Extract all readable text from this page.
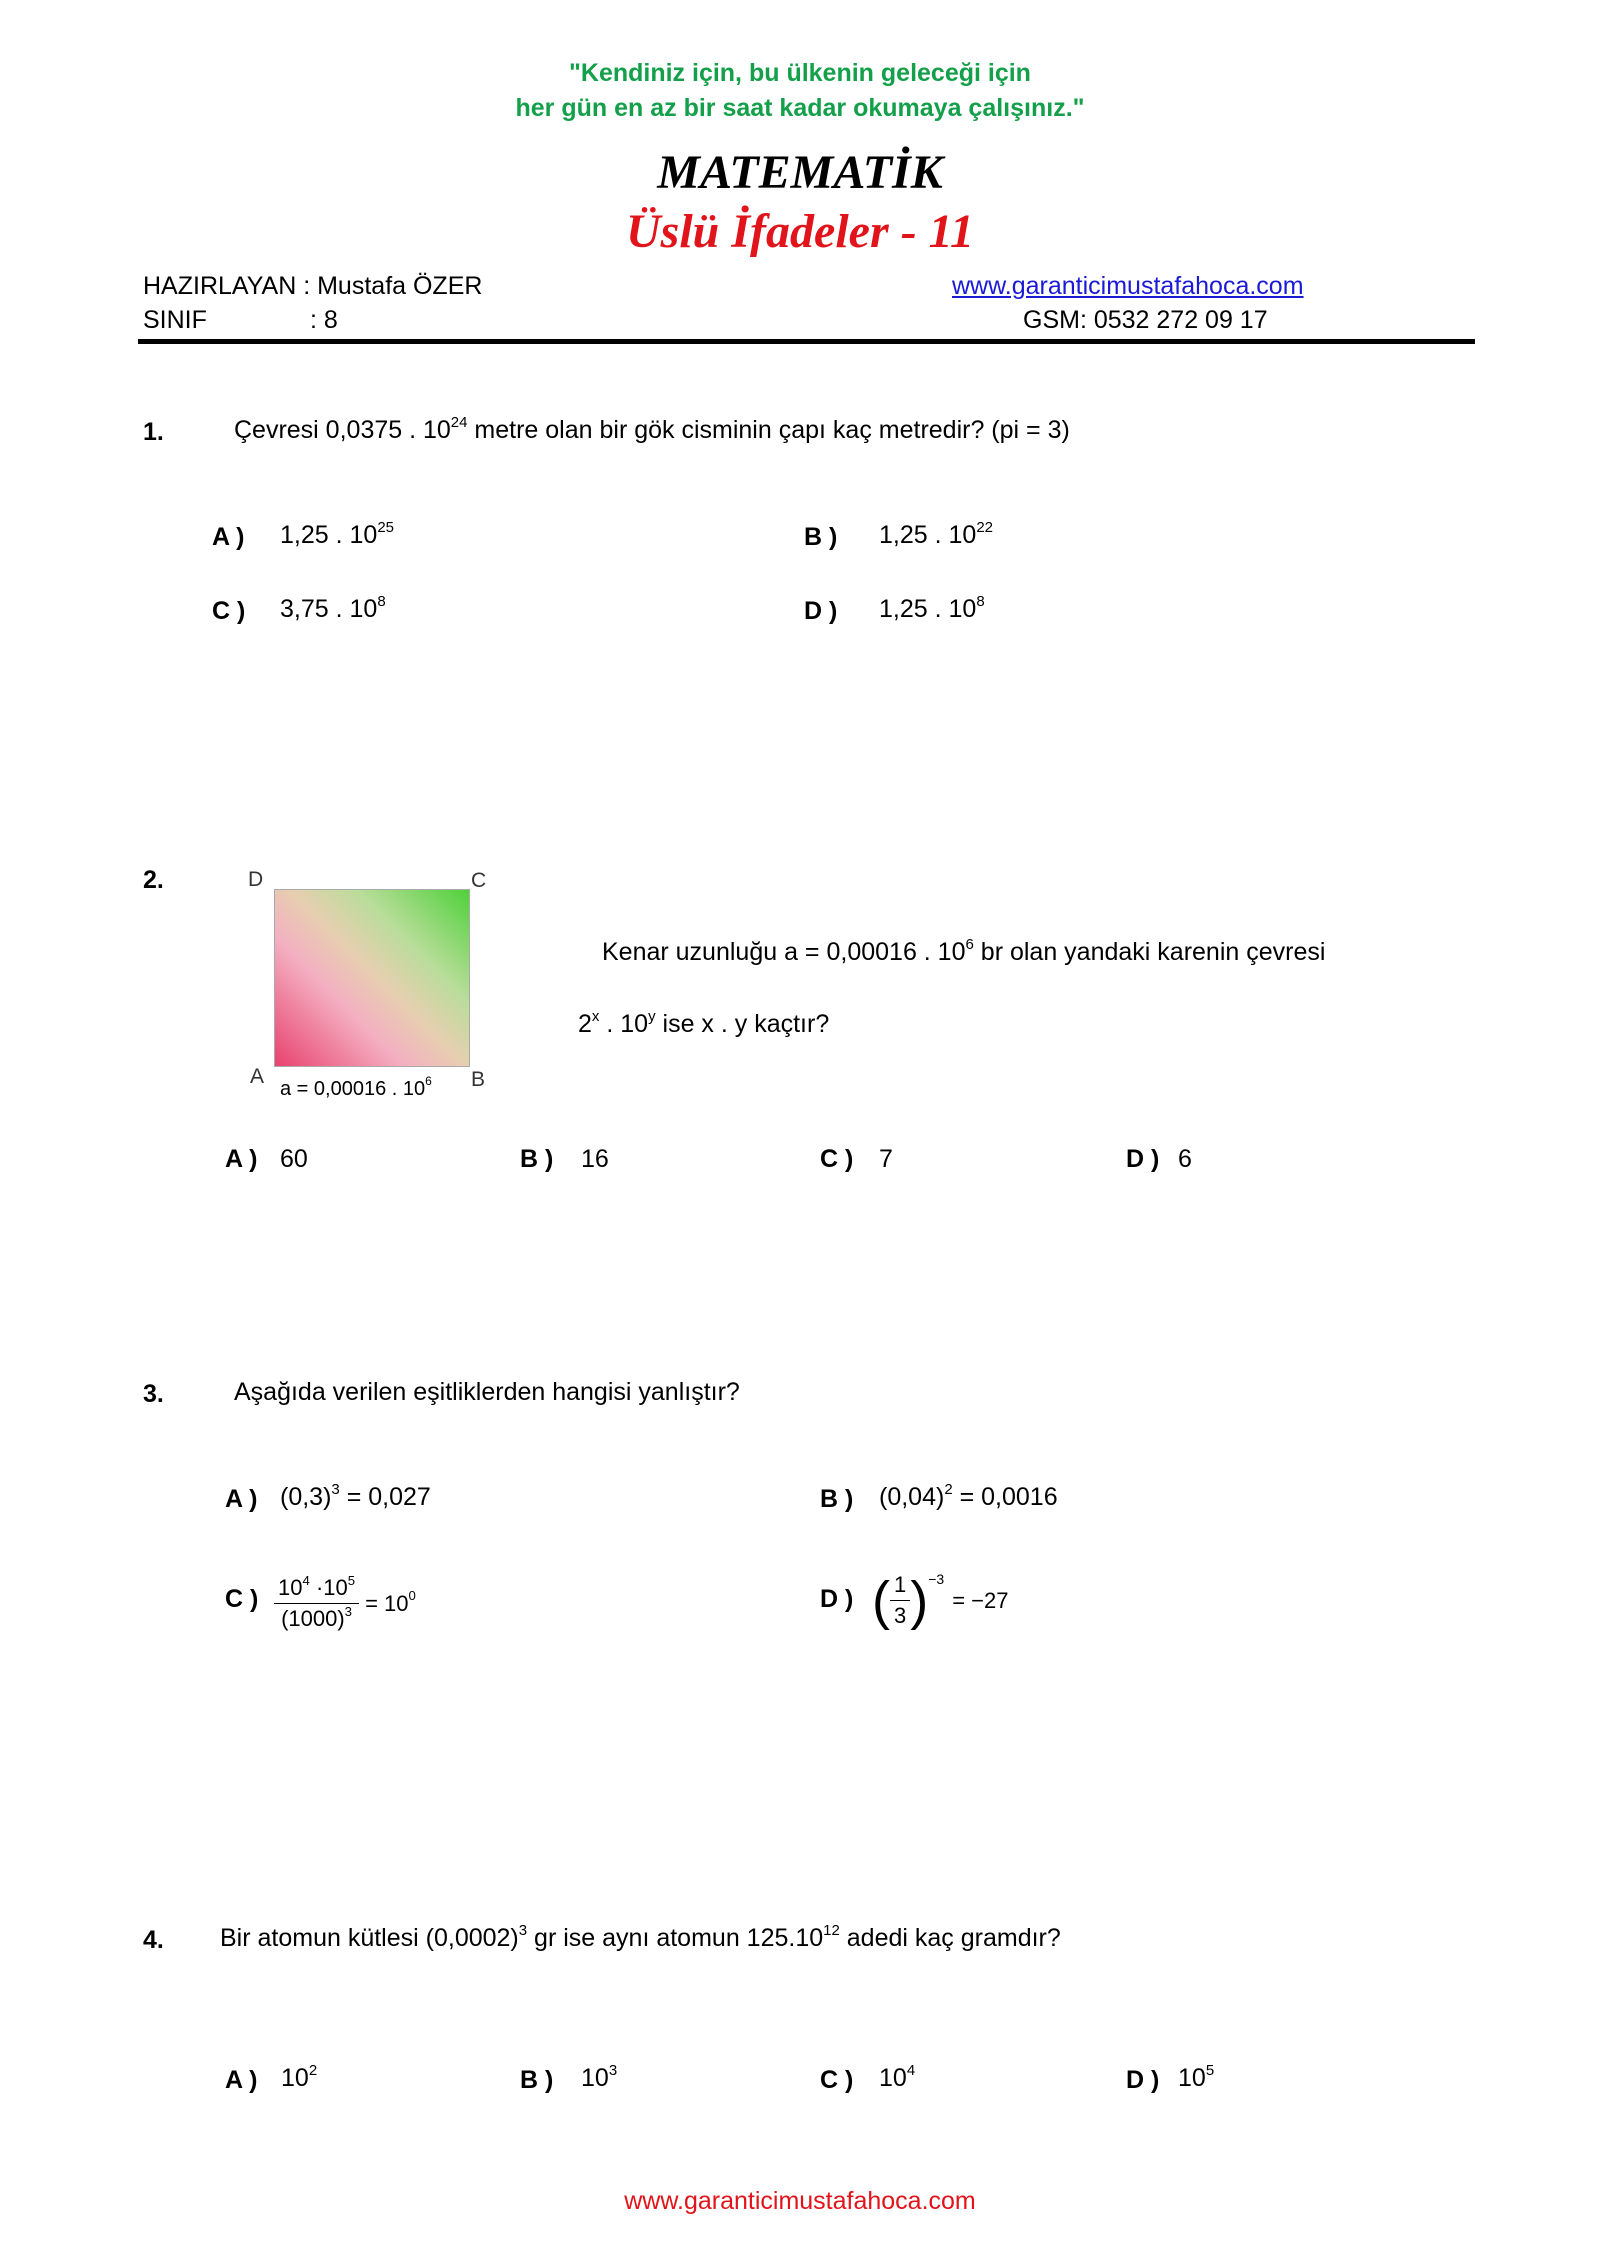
"Kendiniz için, bu ülkenin geleceği için
her gün en az bir saat kadar okumaya çalışınız."
MATEMATİK
Üslü İfadeler - 11
HAZIRLAYAN : Mustafa ÖZER
SINIF	: 8
www.garanticimustafahoca.com
GSM: 0532 272 09 17
1.	Çevresi 0,0375 . $10^{24}$ metre olan bir gök cisminin çapı kaç metredir? (pi = 3)
A ) 1,25 . $10^{25}$	B ) 1,25 . $10^{22}$
C ) 3,75 . $10^8$	D ) 1,25 . $10^8$
2.	D	C
A	B
a = 0,00016 . $10^6$
Kenar uzunluğu a = 0,00016 . $10^6$ br olan yandaki karenin çevresi
2$^x$ . 10$^y$ ise x . y kaçtır?
A ) 60	B ) 16	C ) 7	D ) 6
3.	Aşağıda verilen eşitliklerden hangisi yanlıştır?
A ) $(0,3)^3 = 0,027$	B ) $(0,04)^2 = 0,0016$
C ) $\frac{10^4 \cdot 10^5}{(1000)^3} = 10^0$	D ) ( $\frac{1}{3} )^{-3}$
= −27
4. Bir atomun kütlesi $(0,0002)^3$ gr ise aynı atomun 125.10$^{12}$ adedi kaç gramdır?
A ) $10^2$	B ) $10^3$	C ) $10^4$	D ) $10^5$
www.garanticimustafahoca.com
